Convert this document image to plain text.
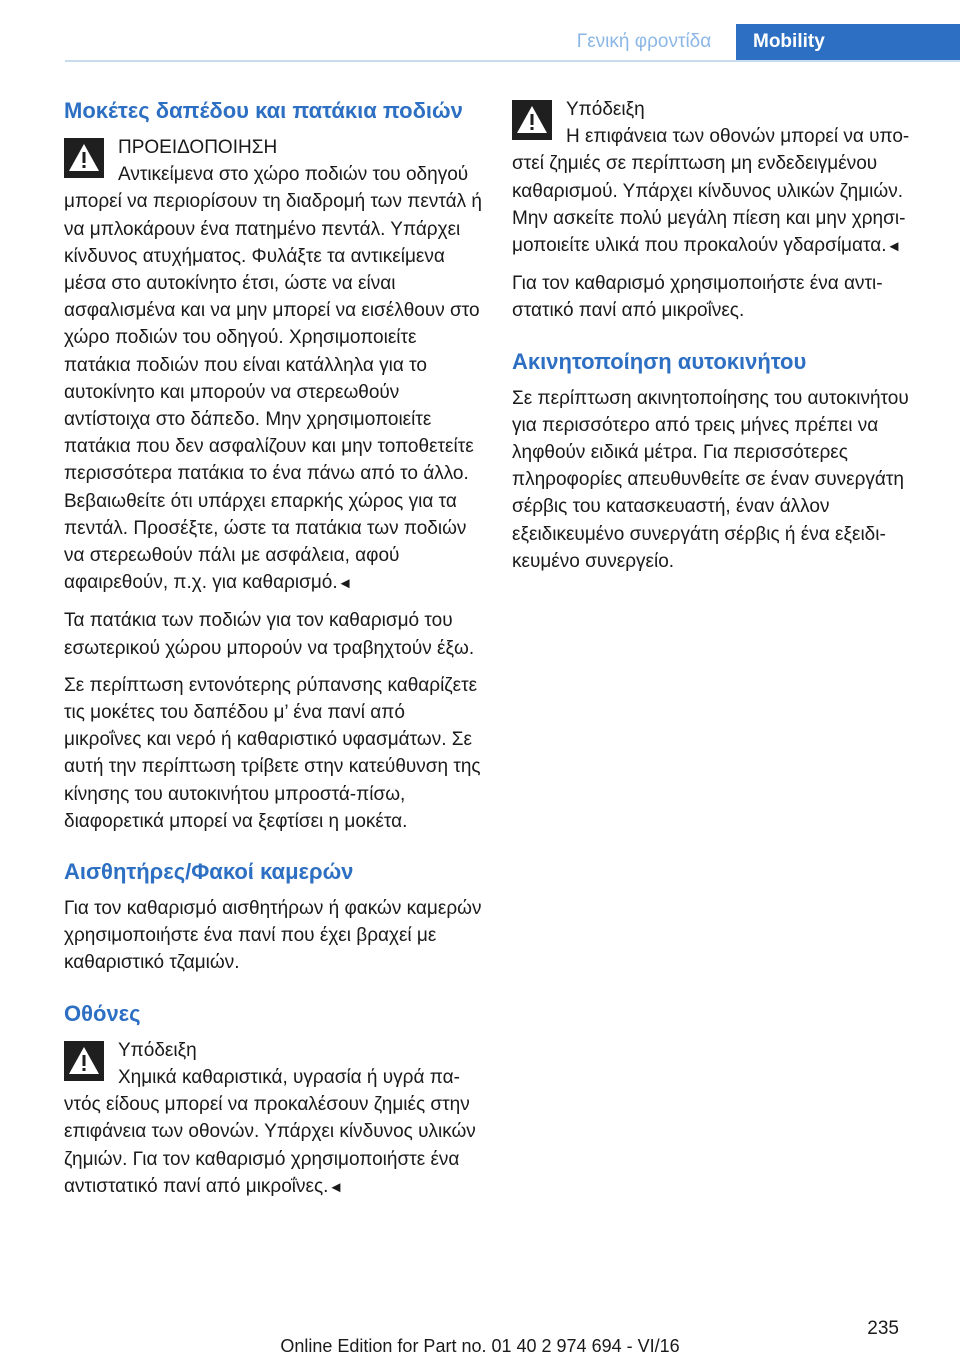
Γενική φροντίδα	Mobility
Μοκέτες δαπέδου και πατάκια ποδιών
ΠΡΟΕΙΔΟΠΟΙΗΣΗ
Αντικείμενα στο χώρο ποδιών του οδηγού μπορεί να περιορίσουν τη διαδρομή των πεντάλ ή να μπλοκάρουν ένα πατημένο πεντάλ. Υπάρχει κίνδυνος ατυχήματος. Φυλάξτε τα αντικείμενα μέσα στο αυτοκίνητο έτσι, ώστε να είναι ασφαλισμένα και να μην μπορεί να εισέλθουν στο χώρο ποδιών του οδηγού. Χρησιμοποιείτε πατάκια ποδιών που είναι κατάλληλα για το αυτοκίνητο και μπορούν να στερεωθούν αντίστοιχα στο δάπεδο. Μην χρησιμοποιείτε πατάκια που δεν ασφαλίζουν και μην τοποθετείτε περισσότερα πατάκια το ένα πάνω από το άλλο. Βεβαιωθείτε ότι υπάρχει επαρκής χώρος για τα πεντάλ. Προσέξτε, ώστε τα πατάκια των ποδιών να στερεωθούν πάλι με ασφάλεια, αφού αφαιρεθούν, π.χ. για καθαρισμό.◄
Τα πατάκια των ποδιών για τον καθαρισμό του εσωτερικού χώρου μπορούν να τραβηχτούν έξω.
Σε περίπτωση εντονότερης ρύπανσης καθαρίζετε τις μοκέτες του δαπέδου μ’ ένα πανί από μικροΐνες και νερό ή καθαριστικό υφασμάτων. Σε αυτή την περίπτωση τρίβετε στην κατεύθυνση της κίνησης του αυτοκινήτου μπροστά-πίσω, διαφορετικά μπορεί να ξεφτίσει η μοκέτα.
Αισθητήρες/Φακοί καμερών
Για τον καθαρισμό αισθητήρων ή φακών καμερών χρησιμοποιήστε ένα πανί που έχει βραχεί με καθαριστικό τζαμιών.
Οθόνες
Υπόδειξη
Χημικά καθαριστικά, υγρασία ή υγρά παντός είδους μπορεί να προκαλέσουν ζημιές στην επιφάνεια των οθονών. Υπάρχει κίνδυνος υλικών ζημιών. Για τον καθαρισμό χρησιμοποιήστε ένα αντιστατικό πανί από μικροΐνες.◄
Υπόδειξη
Η επιφάνεια των οθονών μπορεί να υποστεί ζημιές σε περίπτωση μη ενδεδειγμένου καθαρισμού. Υπάρχει κίνδυνος υλικών ζημιών. Μην ασκείτε πολύ μεγάλη πίεση και μην χρησιμοποιείτε υλικά που προκαλούν γδαρσίματα.◄
Για τον καθαρισμό χρησιμοποιήστε ένα αντιστατικό πανί από μικροΐνες.
Ακινητοποίηση αυτοκινήτου
Σε περίπτωση ακινητοποίησης του αυτοκινήτου για περισσότερο από τρεις μήνες πρέπει να ληφθούν ειδικά μέτρα. Για περισσότερες πληροφορίες απευθυνθείτε σε έναν συνεργάτη σέρβις του κατασκευαστή, έναν άλλον εξειδικευμένο συνεργάτη σέρβις ή ένα εξειδικευμένο συνεργείο.
235
Online Edition for Part no. 01 40 2 974 694 - VI/16
